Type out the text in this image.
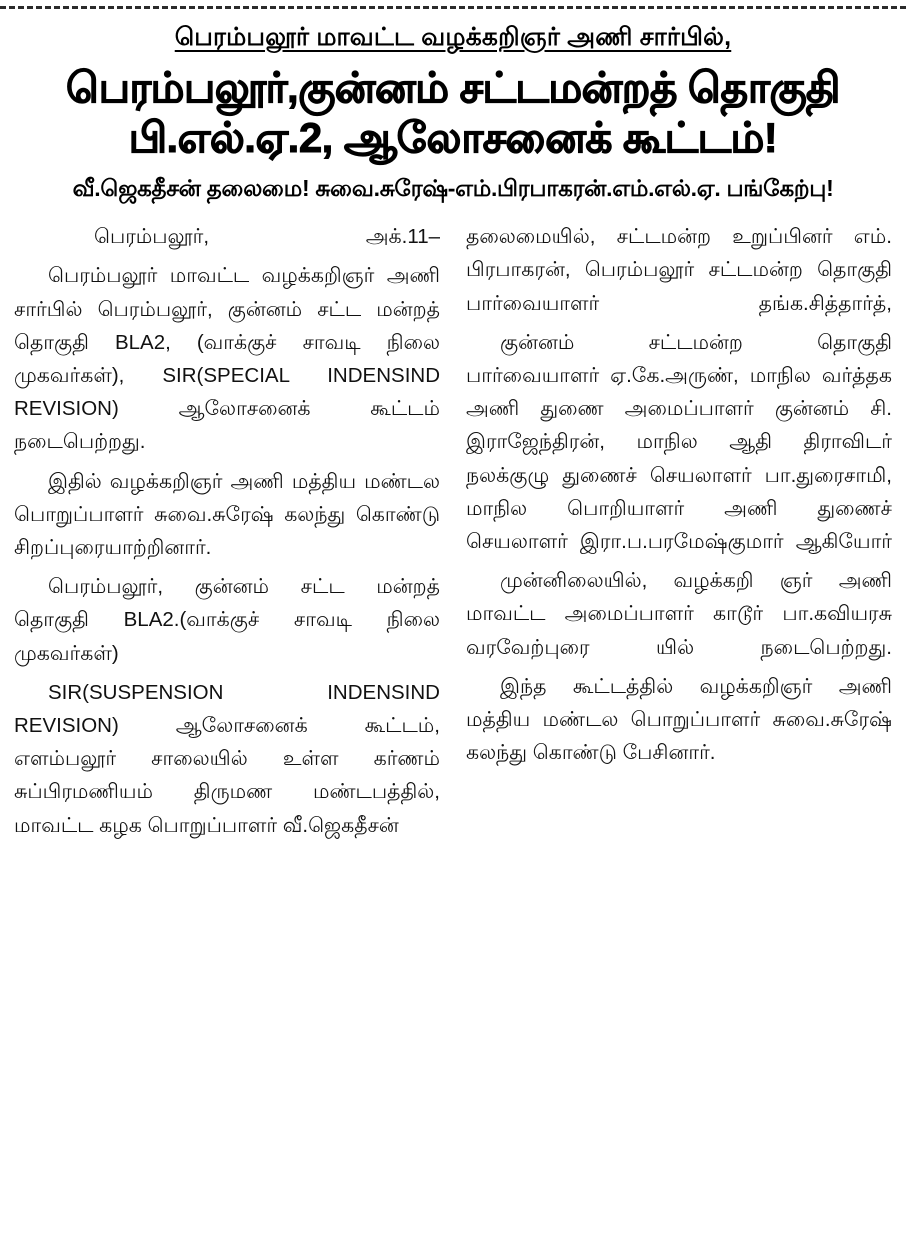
பெரம்பலூர் மாவட்ட வழக்கறிஞர் அணி சார்பில்,
பெரம்பலூர்,குன்னம் சட்டமன்றத் தொகுதி
பி.எல்.ஏ.2, ஆலோசனைக் கூட்டம்!
வீ.ஜெகதீசன் தலைமை! சுவை.சுரேஷ்-எம்.பிரபாகரன்.எம்.எல்.ஏ. பங்கேற்பு!

பெரம்பலூர், அக்.11–

பெரம்பலூர் மாவட்ட வழக்கறிஞர் அணி சார்பில் பெரம்பலூர், குன்னம் சட்ட மன்றத் தொகுதி BLA2, (வாக்குச் சாவடி நிலை முகவர்கள்), SIR(SPECIAL INDENSIND REVISION) ஆலோசனைக் கூட்டம் நடைபெற்றது.

இதில் வழக்கறிஞர் அணி மத்திய மண்டல பொறுப்பாளர் சுவை.சுரேஷ் கலந்து கொண்டு சிறப்புரையாற்றினார்.

பெரம்பலூர், குன்னம் சட்ட மன்றத் தொகுதி BLA2.(வாக்குச் சாவடி நிலை முகவர்கள்)

SIR(SUSPENSION INDENSIND REVISION) ஆலோசனைக் கூட்டம், எளம்பலூர் சாலையில் உள்ள கர்ணம் சுப்பிரமணியம் திருமண மண்டபத்தில், மாவட்ட கழக பொறுப்பாளர் வீ.ஜெகதீசன்

தலைமையில், சட்டமன்ற உறுப்பினர் எம். பிரபாகரன், பெரம்பலூர் சட்டமன்ற தொகுதி பார்வையாளர் தங்க.சித்தார்த்,

குன்னம் சட்டமன்ற தொகுதி பார்வையாளர் ஏ.கே.அருண், மாநில வர்த்தக அணி துணை அமைப்பாளர் குன்னம் சி. இராஜேந்திரன், மாநில ஆதி திராவிடர் நலக்குழு துணைச் செயலாளர் பா.துரைசாமி, மாநில பொறியாளர் அணி துணைச் செயலாளர் இரா.ப.பரமேஷ்குமார் ஆகியோர்

முன்னிலையில், வழக்கறி ஞர் அணி மாவட்ட அமைப்பாளர் காடூர் பா.கவியரசு வரவேற்புரை யில் நடைபெற்றது.

இந்த கூட்டத்தில் வழக்கறிஞர் அணி மத்திய மண்டல பொறுப்பாளர் சுவை.சுரேஷ் கலந்து கொண்டு பேசினார்.
